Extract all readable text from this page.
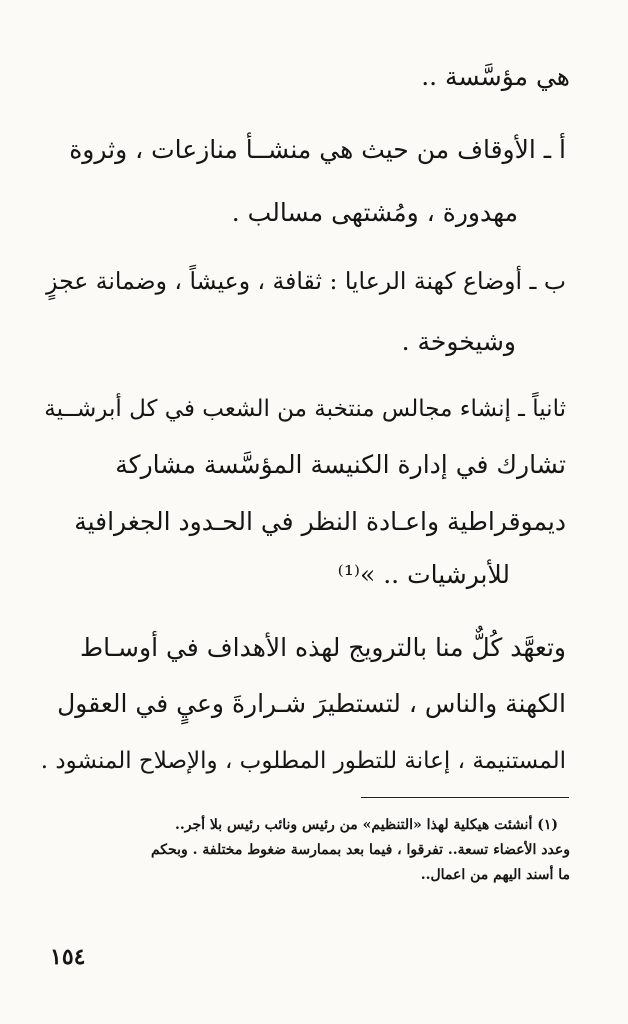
هي مؤسَّسة ..
أ ـ الأوقاف من حيث هي منشــأ منازعات ، وثروة
مهدورة ، ومُشتهى مسالب .
ب ـ أوضاع كهنة الرعايا : ثقافة ، وعيشاً ، وضمانة عجزٍ
وشيخوخة .
ثانياً ـ إنشاء مجالس منتخبة من الشعب في كل أبرشــية
تشارك في إدارة الكنيسة المؤسَّسة مشاركة
ديموقراطية واعـادة النظر في الحـدود الجغرافية
للأبرشيات .. »⁽¹⁾
وتعهَّد كُلٌّ منا بالترويج لهذه الأهداف في أوسـاط
الكهنة والناس ، لتستطيرَ شـرارةَ وعيٍ في العقول
المستنيمة ، إعانة للتطور المطلوب ، والإصلاح المنشود .
(١) أنشئت هيكلية لهذا «التنظيم» من رئيس ونائب رئيس بلا أجر..
وعدد الأعضاء تسعة.. تفرقوا ، فيما بعد بممارسة ضغوط مختلفة . وبحكم
ما أسند اليهم من اعمال..
١٥٤
